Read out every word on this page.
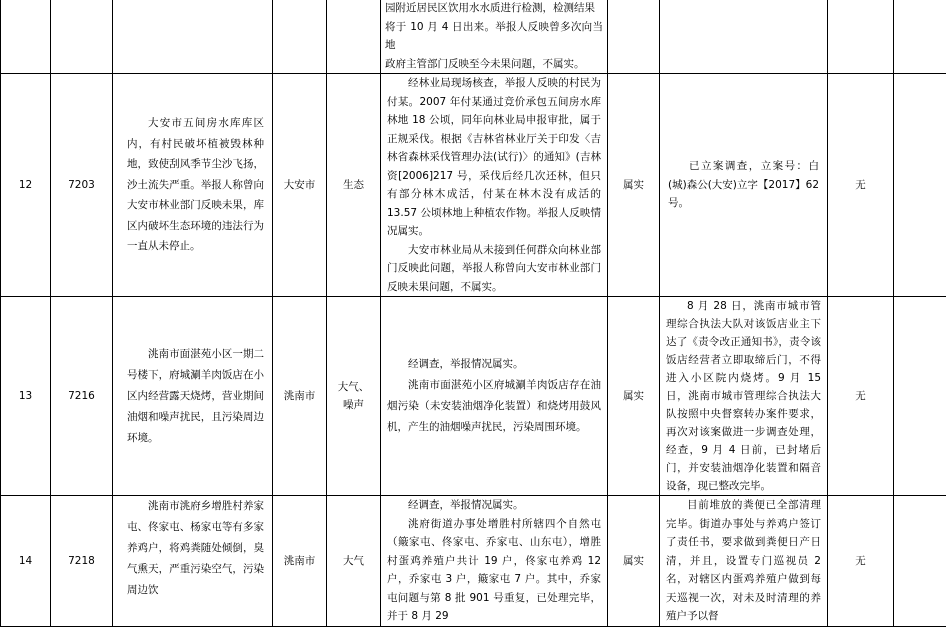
					园附近居民区饮用水水质进行检测，检测结果

将于 10 月 4 日出来。举报人反映曾多次向当地

政府主管部门反映至今未果问题，不属实。				

12	7203	大安市五间房水库库区内，有村民破坏植被毁林种地，致使刮风季节尘沙飞扬，沙土流失严重。举报人称曾向大安市林业部门反映未果，库区内破坏生态环境的违法行为一直从未停止。	大安市	生态	经林业局现场核查，举报人反映的村民为付某。2007 年付某通过竞价承包五间房水库林地 18 公顷，同年向林业局申报审批，属于正规采伐。根据《吉林省林业厅关于印发〈吉林省森林采伐管理办法(试行)〉的通知》(吉林资[2006]217 号，采伐后经几次还林，但只有部分林木成活，付某在林木没有成活的 13.57 公顷林地上种植农作物。举报人反映情况属实。

大安市林业局从未接到任何群众向林业部门反映此问题，举报人称曾向大安市林业部门反映未果问题，不属实。	属实	已立案调查，立案号：白(城)森公(大安)立字【2017】62 号。	无	
13	7216	洮南市面湛苑小区一期二号楼下，府城涮羊肉饭店在小区内经营露天烧烤，营业期间油烟和噪声扰民，且污染周边环境。	洮南市	大气、噪声	经调查，举报情况属实。

洮南市面湛苑小区府城涮羊肉饭店存在油烟污染（未安装油烟净化装置）和烧烤用鼓风机，产生的油烟噪声扰民，污染周围环境。	属实	8 月 28 日，洮南市城市管理综合执法大队对该饭店业主下达了《责令改正通知书》，责令该饭店经营者立即取缔后门，不得进入小区院内烧烤。9 月 15 日，洮南市城市管理综合执法大队按照中央督察转办案件要求，再次对该案做进一步调查处理，经查，9 月 4 日前，已封堵后门，并安装油烟净化装置和隔音设备，现已整改完毕。	无	
14	7218	洮南市洮府乡增胜村养家屯、佟家屯、杨家屯等有多家养鸡户，将鸡粪随处倾倒，臭气熏天，严重污染空气，污染周边饮	洮南市	大气	经调查，举报情况属实。

洮府街道办事处增胜村所辖四个自然屯（簸家屯、佟家屯、乔家屯、山东屯），增胜村蛋鸡养殖户共计 19 户，佟家屯养鸡 12 户，乔家屯 3 户，簸家屯 7 户。其中，乔家屯问题与第 8 批 901 号重复，已处理完毕，并于 8 月 29	属实	目前堆放的粪便已全部清理完毕。街道办事处与养鸡户签订了责任书，要求做到粪便日产日清，并且，设置专门巡视员 2 名，对辖区内蛋鸡养殖户做到每天巡视一次，对未及时清理的养殖户予以督	无	
